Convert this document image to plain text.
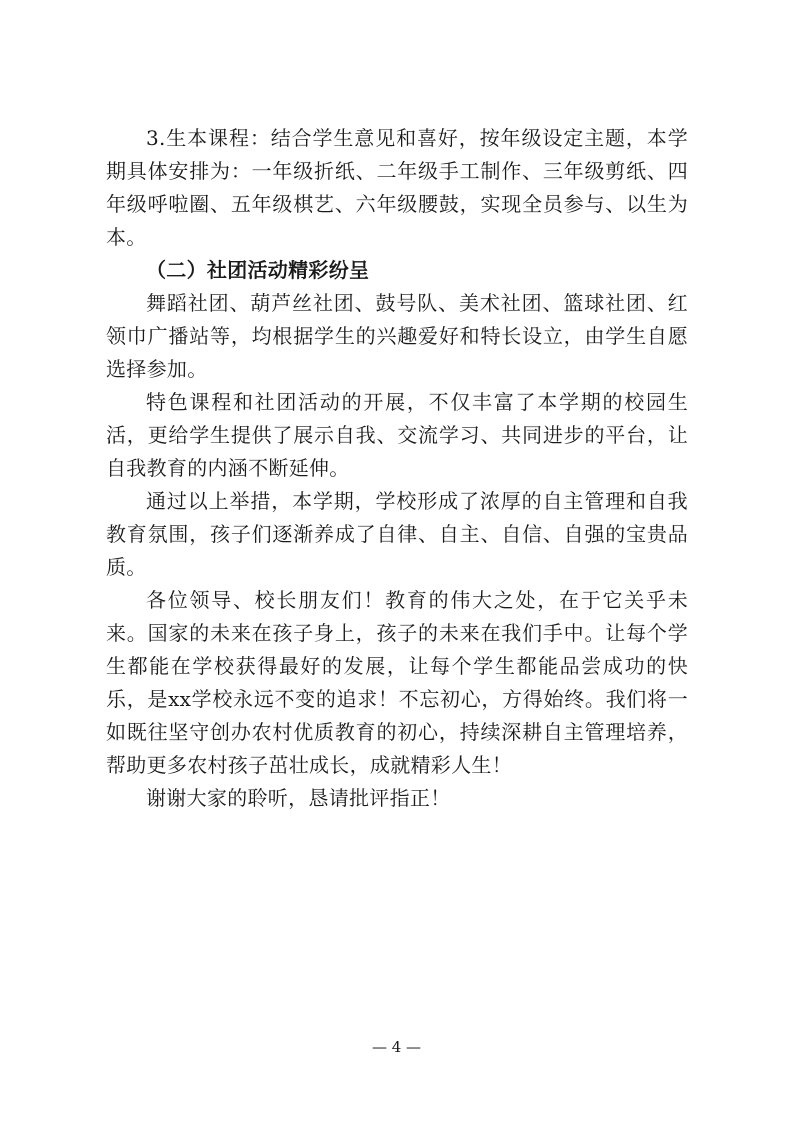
3.生本课程：结合学生意见和喜好，按年级设定主题，本学期具体安排为：一年级折纸、二年级手工制作、三年级剪纸、四年级呼啦圈、五年级棋艺、六年级腰鼓，实现全员参与、以生为本。

（二）社团活动精彩纷呈

舞蹈社团、葫芦丝社团、鼓号队、美术社团、篮球社团、红领巾广播站等，均根据学生的兴趣爱好和特长设立，由学生自愿选择参加。

特色课程和社团活动的开展，不仅丰富了本学期的校园生活，更给学生提供了展示自我、交流学习、共同进步的平台，让自我教育的内涵不断延伸。

通过以上举措，本学期，学校形成了浓厚的自主管理和自我教育氛围，孩子们逐渐养成了自律、自主、自信、自强的宝贵品质。

各位领导、校长朋友们！教育的伟大之处，在于它关乎未来。国家的未来在孩子身上，孩子的未来在我们手中。让每个学生都能在学校获得最好的发展，让每个学生都能品尝成功的快乐，是xx学校永远不变的追求！不忘初心，方得始终。我们将一如既往坚守创办农村优质教育的初心，持续深耕自主管理培养，帮助更多农村孩子茁壮成长，成就精彩人生！

谢谢大家的聆听，恳请批评指正！

— 4 —
